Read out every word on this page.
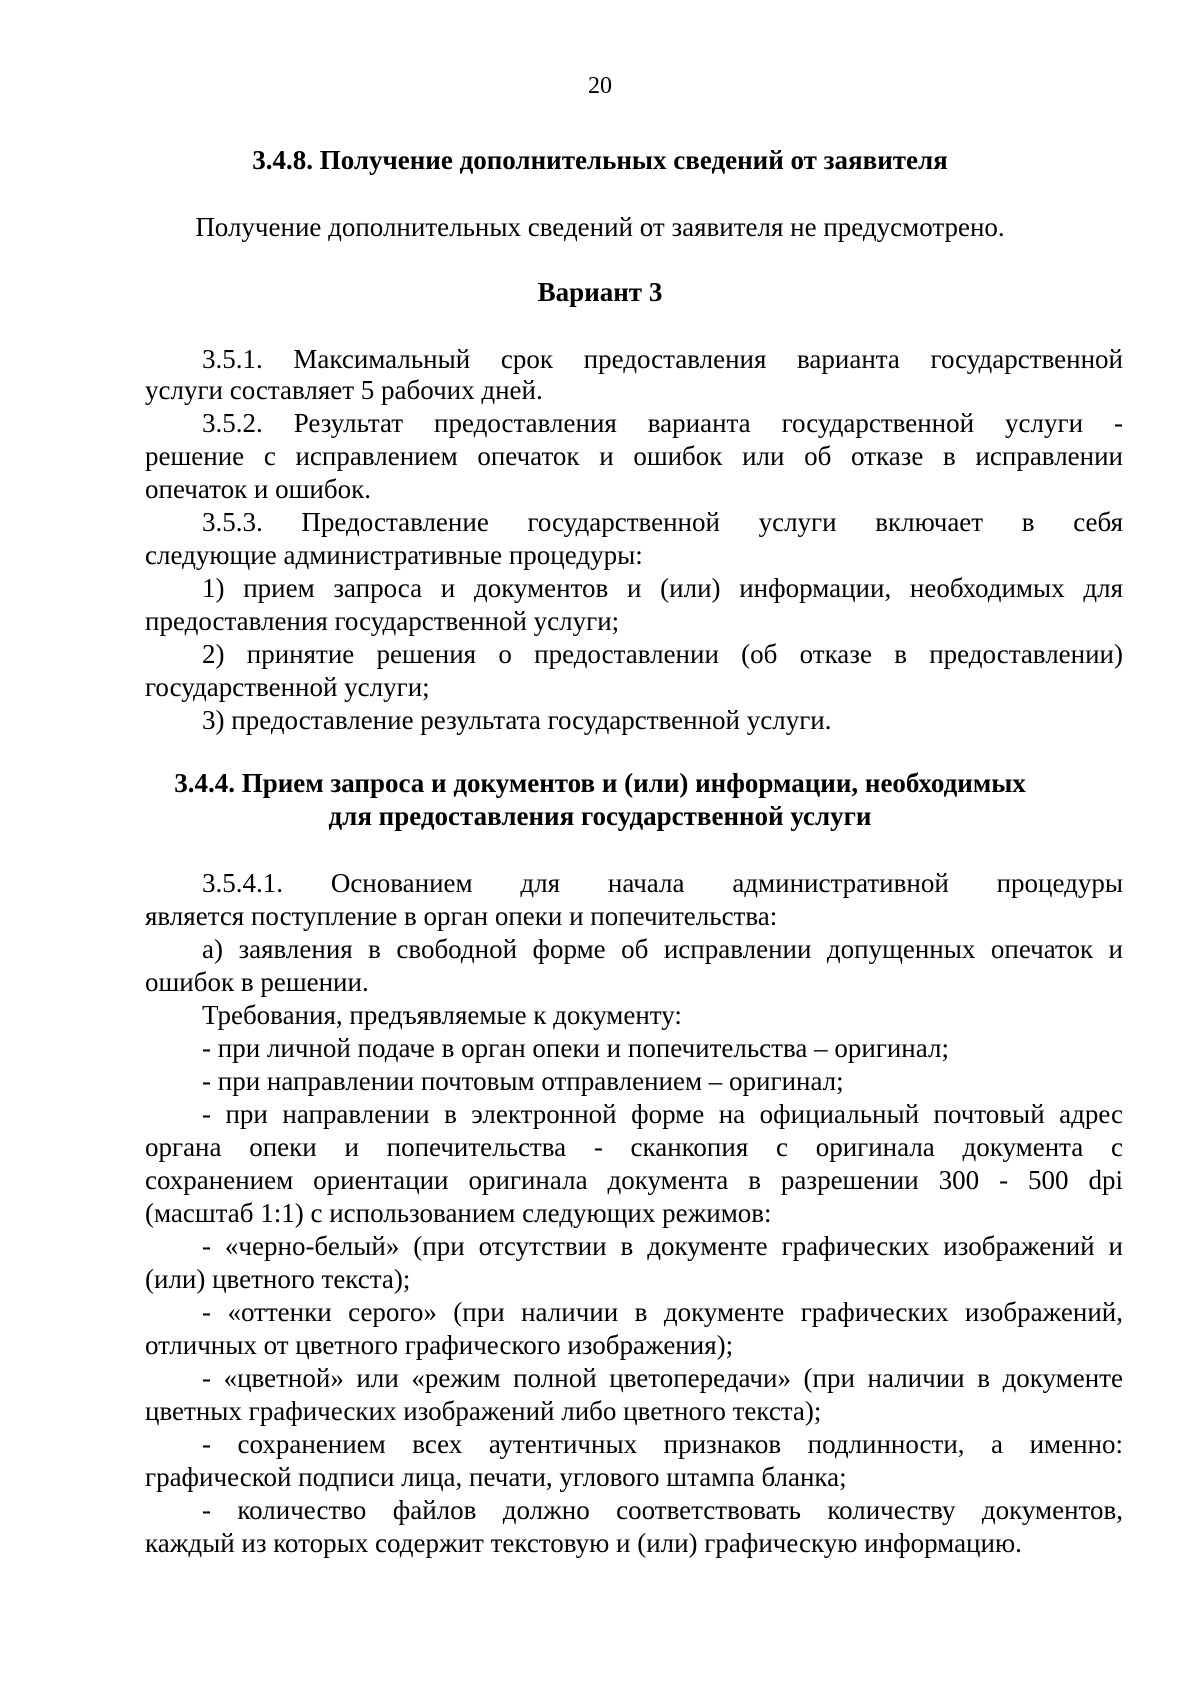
20
3.4.8. Получение дополнительных сведений от заявителя
Получение дополнительных сведений от заявителя не предусмотрено.
Вариант 3
3.5.1. Максимальный срок предоставления варианта государственной
услуги составляет 5 рабочих дней.
3.5.2. Результат предоставления варианта государственной услуги -
решение с исправлением опечаток и ошибок или об отказе в исправлении
опечаток и ошибок.
3.5.3. Предоставление государственной услуги включает в себя
следующие административные процедуры:
1) прием запроса и документов и (или) информации, необходимых для
предоставления государственной услуги;
2) принятие решения о предоставлении (об отказе в предоставлении)
государственной услуги;
3) предоставление результата государственной услуги.
3.4.4. Прием запроса и документов и (или) информации, необходимых
для предоставления государственной услуги
3.5.4.1. Основанием для начала административной процедуры
является поступление в орган опеки и попечительства:
а) заявления в свободной форме об исправлении допущенных опечаток и
ошибок в решении.
Требования, предъявляемые к документу:
- при личной подаче в орган опеки и попечительства – оригинал;
- при направлении почтовым отправлением – оригинал;
- при направлении в электронной форме на официальный почтовый адрес
органа опеки и попечительства - сканкопия с оригинала документа с
сохранением ориентации оригинала документа в разрешении 300 - 500 dpi
(масштаб 1:1) с использованием следующих режимов:
- «черно-белый» (при отсутствии в документе графических изображений и
(или) цветного текста);
- «оттенки серого» (при наличии в документе графических изображений,
отличных от цветного графического изображения);
- «цветной» или «режим полной цветопередачи» (при наличии в документе
цветных графических изображений либо цветного текста);
- сохранением всех аутентичных признаков подлинности, а именно:
графической подписи лица, печати, углового штампа бланка;
- количество файлов должно соответствовать количеству документов,
каждый из которых содержит текстовую и (или) графическую информацию.
